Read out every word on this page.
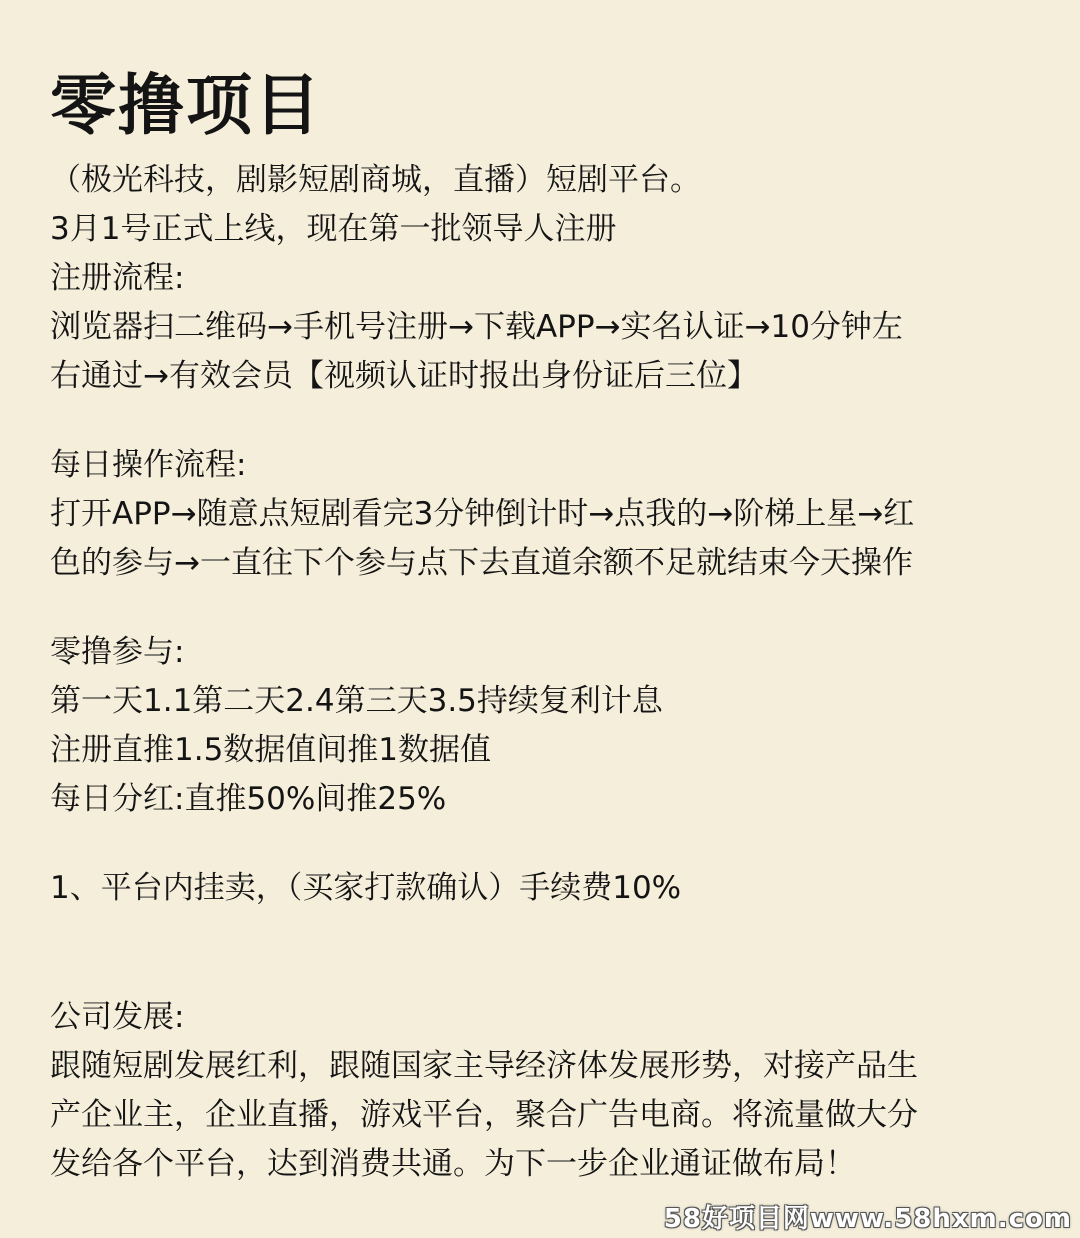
零撸项目
（极光科技，剧影短剧商城，直播）短剧平台。
3月1号正式上线，现在第一批领导人注册
注册流程:
浏览器扫二维码→手机号注册→下载APP→实名认证→10分钟左
右通过→有效会员【视频认证时报出身份证后三位】
每日操作流程:
打开APP→随意点短剧看完3分钟倒计时→点我的→阶梯上星→红
色的参与→一直往下个参与点下去直道余额不足就结束今天操作
零撸参与:
第一天1.1第二天2.4第三天3.5持续复利计息
注册直推1.5数据值间推1数据值
每日分红:直推50%间推25%
1、平台内挂卖，（买家打款确认）手续费10%
公司发展:
跟随短剧发展红利，跟随国家主导经济体发展形势，对接产品生
产企业主，企业直播，游戏平台，聚合广告电商。将流量做大分
发给各个平台，达到消费共通。为下一步企业通证做布局！
58好项目网www.58hxm.com
